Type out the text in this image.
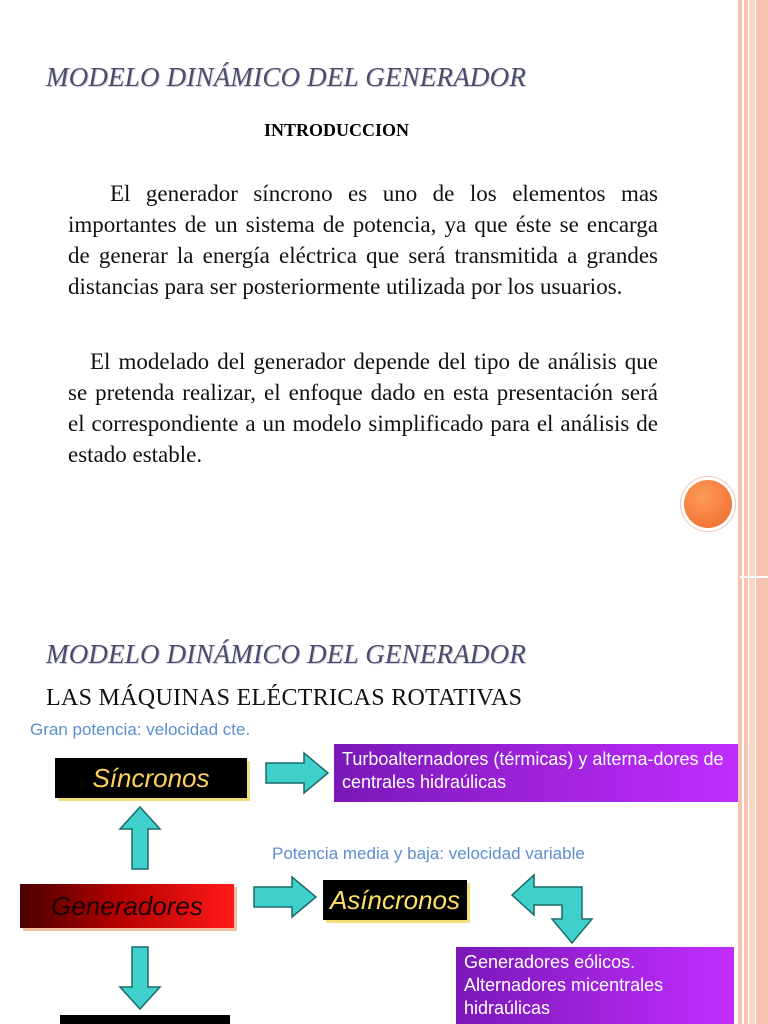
MODELO DINÁMICO DEL GENERADOR
INTRODUCCION
El generador síncrono es uno de los elementos mas importantes de un sistema de potencia, ya que éste se encarga de generar la energía eléctrica que será transmitida a grandes distancias para ser posteriormente utilizada por los usuarios.
El modelado del generador depende del tipo de análisis que se pretenda realizar, el enfoque dado en esta presentación será el correspondiente a un modelo simplificado para el análisis de estado estable.
MODELO DINÁMICO DEL GENERADOR
LAS MÁQUINAS ELÉCTRICAS ROTATIVAS
Gran potencia: velocidad cte.
Potencia media y baja: velocidad variable
Síncronos
Asíncronos
Generadores
Turboalternadores (térmicas) y alterna-dores de centrales hidraúlicas
Generadores eólicos. Alternadores micentrales hidraúlicas
